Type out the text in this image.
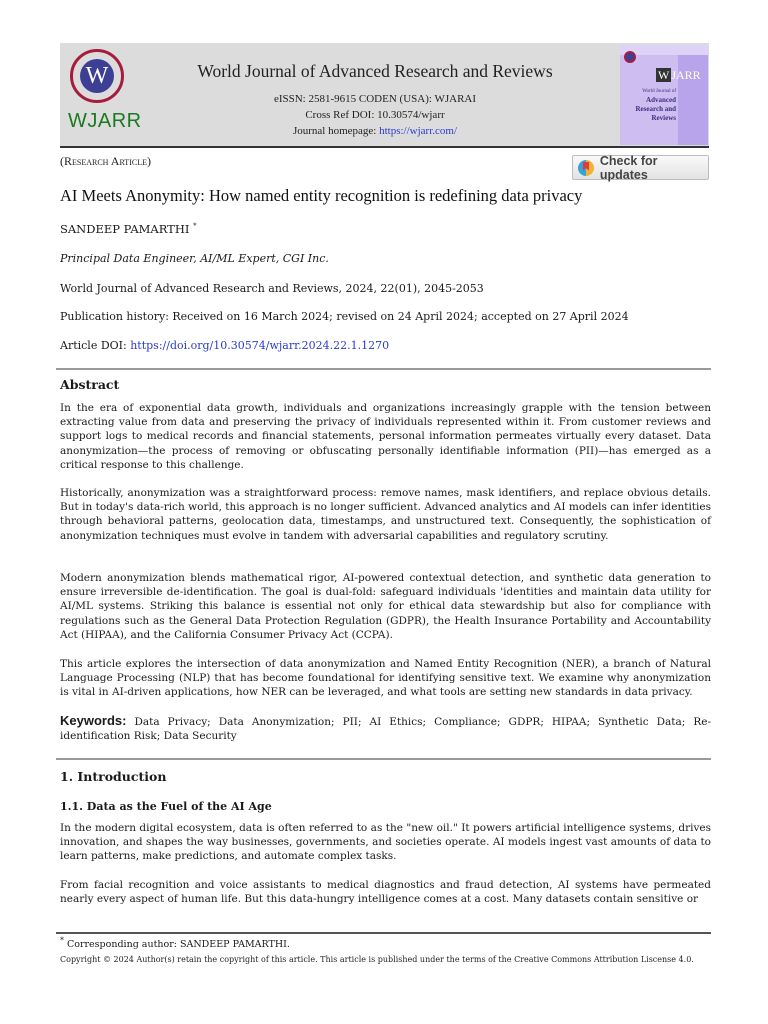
W
WJARR
World Journal of Advanced Research and Reviews
eISSN: 2581-9615 CODEN (USA): WJARAI
Cross Ref DOI: 10.30574/wjarr
Journal homepage: https://wjarr.com/
W JARR
World Journal of
Advanced
Research and
Reviews
(Research Article)	Check for updates
AI Meets Anonymity: How named entity recognition is redefining data privacy
SANDEEP PAMARTHI *
Principal Data Engineer, AI/ML Expert, CGI Inc.
World Journal of Advanced Research and Reviews, 2024, 22(01), 2045-2053
Publication history: Received on 16 March 2024; revised on 24 April 2024; accepted on 27 April 2024
Article DOI: https://doi.org/10.30574/wjarr.2024.22.1.1270
Abstract
In the era of exponential data growth, individuals and organizations increasingly grapple with the tension between extracting value from data and preserving the privacy of individuals represented within it. From customer reviews and support logs to medical records and financial statements, personal information permeates virtually every dataset. Data anonymization—the process of removing or obfuscating personally identifiable information (PII)—has emerged as a critical response to this challenge.
Historically, anonymization was a straightforward process: remove names, mask identifiers, and replace obvious details. But in today's data-rich world, this approach is no longer sufficient. Advanced analytics and AI models can infer identities through behavioral patterns, geolocation data, timestamps, and unstructured text. Consequently, the sophistication of anonymization techniques must evolve in tandem with adversarial capabilities and regulatory scrutiny.
Modern anonymization blends mathematical rigor, AI-powered contextual detection, and synthetic data generation to ensure irreversible de-identification. The goal is dual-fold: safeguard individuals 'identities and maintain data utility for AI/ML systems. Striking this balance is essential not only for ethical data stewardship but also for compliance with regulations such as the General Data Protection Regulation (GDPR), the Health Insurance Portability and Accountability Act (HIPAA), and the California Consumer Privacy Act (CCPA).
This article explores the intersection of data anonymization and Named Entity Recognition (NER), a branch of Natural Language Processing (NLP) that has become foundational for identifying sensitive text. We examine why anonymization is vital in AI-driven applications, how NER can be leveraged, and what tools are setting new standards in data privacy.
Keywords: Data Privacy; Data Anonymization; PII; AI Ethics; Compliance; GDPR; HIPAA; Synthetic Data; Re-identification Risk; Data Security
1. Introduction
1.1. Data as the Fuel of the AI Age
In the modern digital ecosystem, data is often referred to as the "new oil." It powers artificial intelligence systems, drives innovation, and shapes the way businesses, governments, and societies operate. AI models ingest vast amounts of data to learn patterns, make predictions, and automate complex tasks.
From facial recognition and voice assistants to medical diagnostics and fraud detection, AI systems have permeated nearly every aspect of human life. But this data-hungry intelligence comes at a cost. Many datasets contain sensitive or
* Corresponding author: SANDEEP PAMARTHI.
Copyright © 2024 Author(s) retain the copyright of this article. This article is published under the terms of the Creative Commons Attribution Liscense 4.0.
